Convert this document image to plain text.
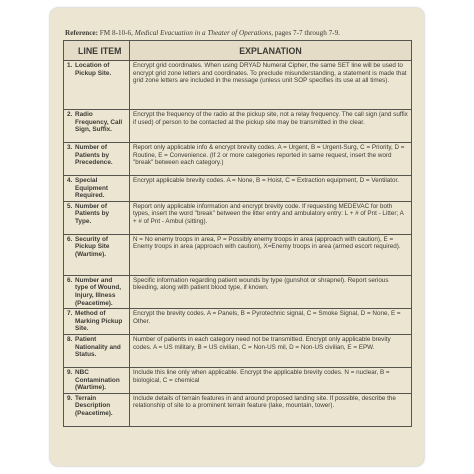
Reference: FM 8-10-6, Medical Evacuation in a Theater of Operations, pages 7-7 through 7-9.
LINE ITEM	EXPLANATION
1. Location of Pickup Site.	Encrypt grid coordinates. When using DRYAD Numeral Cipher, the same SET line will be used to encrypt grid zone letters and coordinates. To preclude misunderstanding, a statement is made that grid zone letters are included in the message (unless unit SOP specifies its use at all times).
2. Radio Frequency, Call Sign, Suffix.	Encrypt the frequency of the radio at the pickup site, not a relay frequency. The call sign (and suffix if used) of person to be contacted at the pickup site may be transmitted in the clear.
3. Number of Patients by Precedence.	Report only applicable info & encrypt brevity codes. A = Urgent, B = Urgent-Surg, C = Priority, D = Routine, E = Convenience. (If 2 or more categories reported in same request, insert the word "break" between each category.)
4. Special Equipment Required.	Encrypt applicable brevity codes. A = None, B = Hoist, C = Extraction equipment, D = Ventilator.
5. Number of Patients by Type.	Report only applicable information and encrypt brevity code. If requesting MEDEVAC for both types, insert the word "break" between the litter entry and ambulatory entry: L + # of Pnt - Litter; A + # of Pnt - Ambul (sitting).
6. Security of Pickup Site (Wartime).	N = No enemy troops in area, P = Possibly enemy troops in area (approach with caution), E = Enemy troops in area (approach with caution), X=Enemy troops in area (armed escort required).
6. Number and type of Wound, Injury, Illness (Peacetime).	Specific information regarding patient wounds by type (gunshot or shrapnel). Report serious bleeding, along with patient blood type, if known.
7. Method of Marking Pickup Site.	Encrypt the brevity codes. A = Panels, B = Pyrotechnic signal, C = Smoke Signal, D = None, E = Other.
8. Patient Nationality and Status.	Number of patients in each category need not be transmitted. Encrypt only applicable brevity codes. A = US military, B = US civilian, C = Non-US mil, D = Non-US civilian, E = EPW.
9. NBC Contamination (Wartime).	Include this line only when applicable. Encrypt the applicable brevity codes. N = nuclear, B = biological, C = chemical
9. Terrain Description (Peacetime).	Include details of terrain features in and around proposed landing site. If possible, describe the relationship of site to a prominent terrain feature (lake, mountain, tower).
